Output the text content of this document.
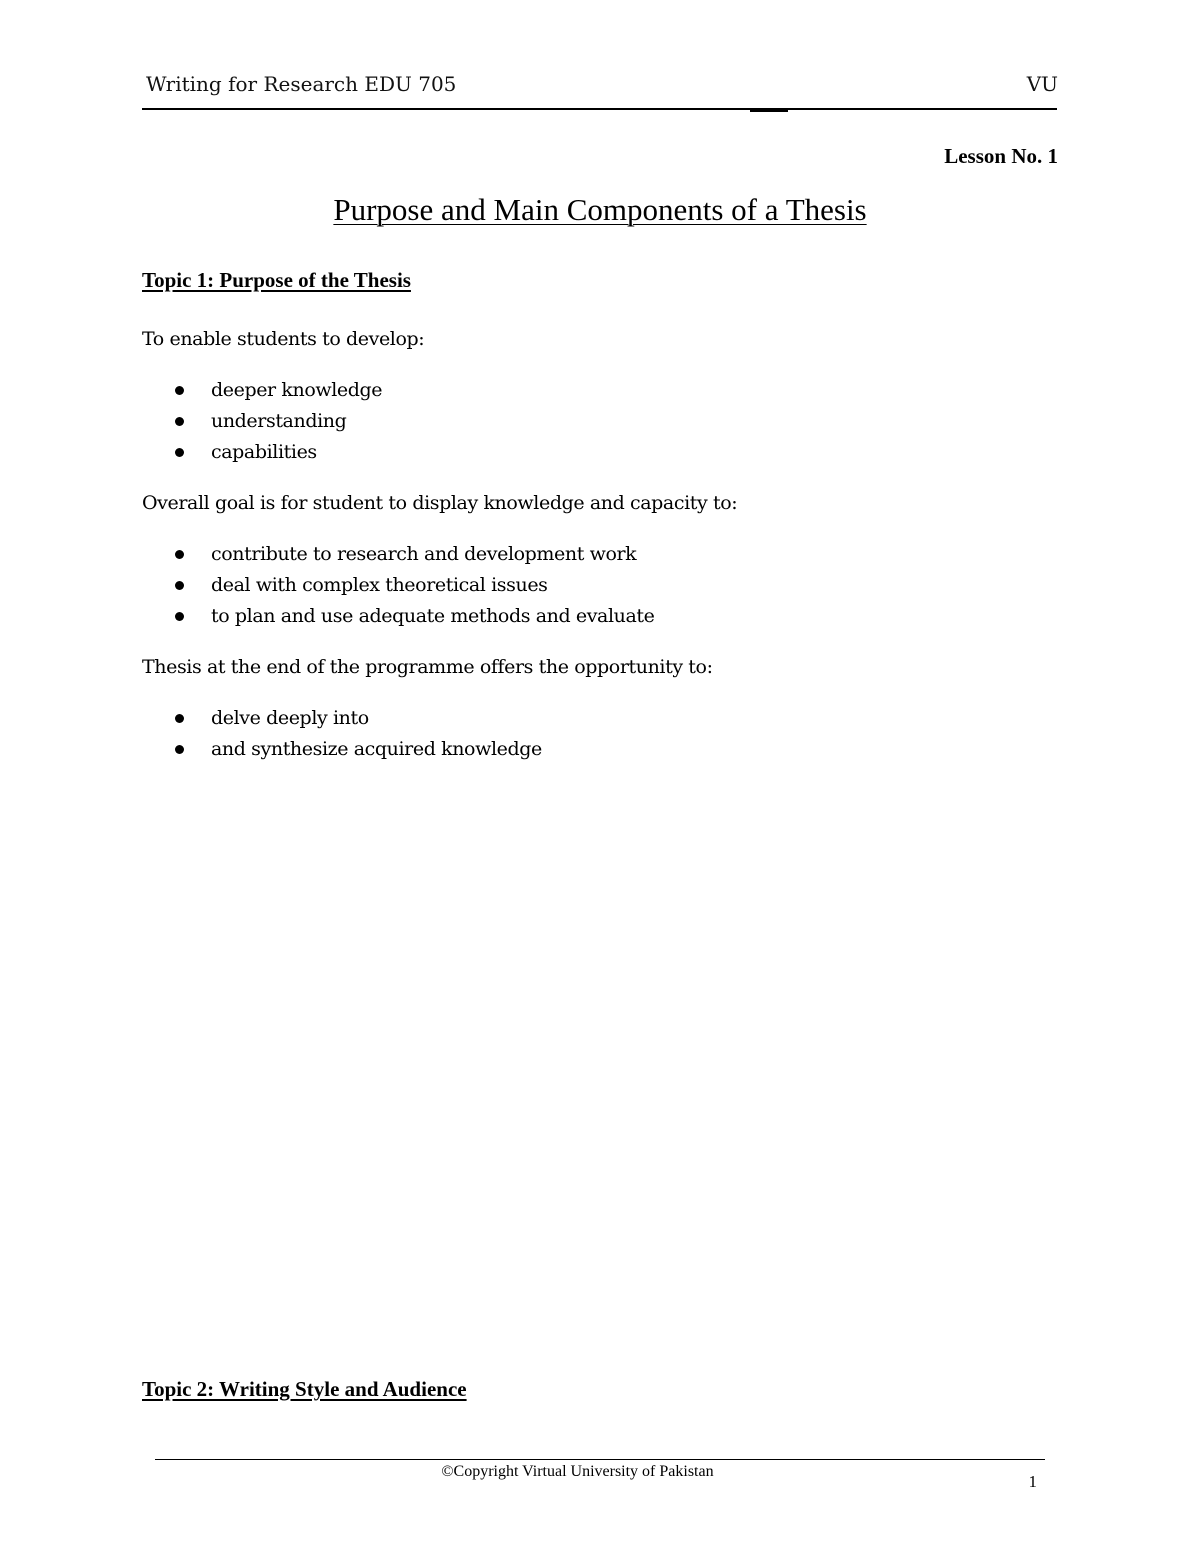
Writing for Research EDU 705	VU
Lesson No. 1
Purpose and Main Components of a Thesis
Topic 1: Purpose of the Thesis
To enable students to develop:
deeper knowledge
understanding
capabilities
Overall goal is for student to display knowledge and capacity to:
contribute to research and development work
deal with complex theoretical issues
to plan and use adequate methods and evaluate
Thesis at the end of the programme offers the opportunity to:
delve deeply into
and synthesize acquired knowledge
Topic 2: Writing Style and Audience
©Copyright Virtual University of Pakistan
1
